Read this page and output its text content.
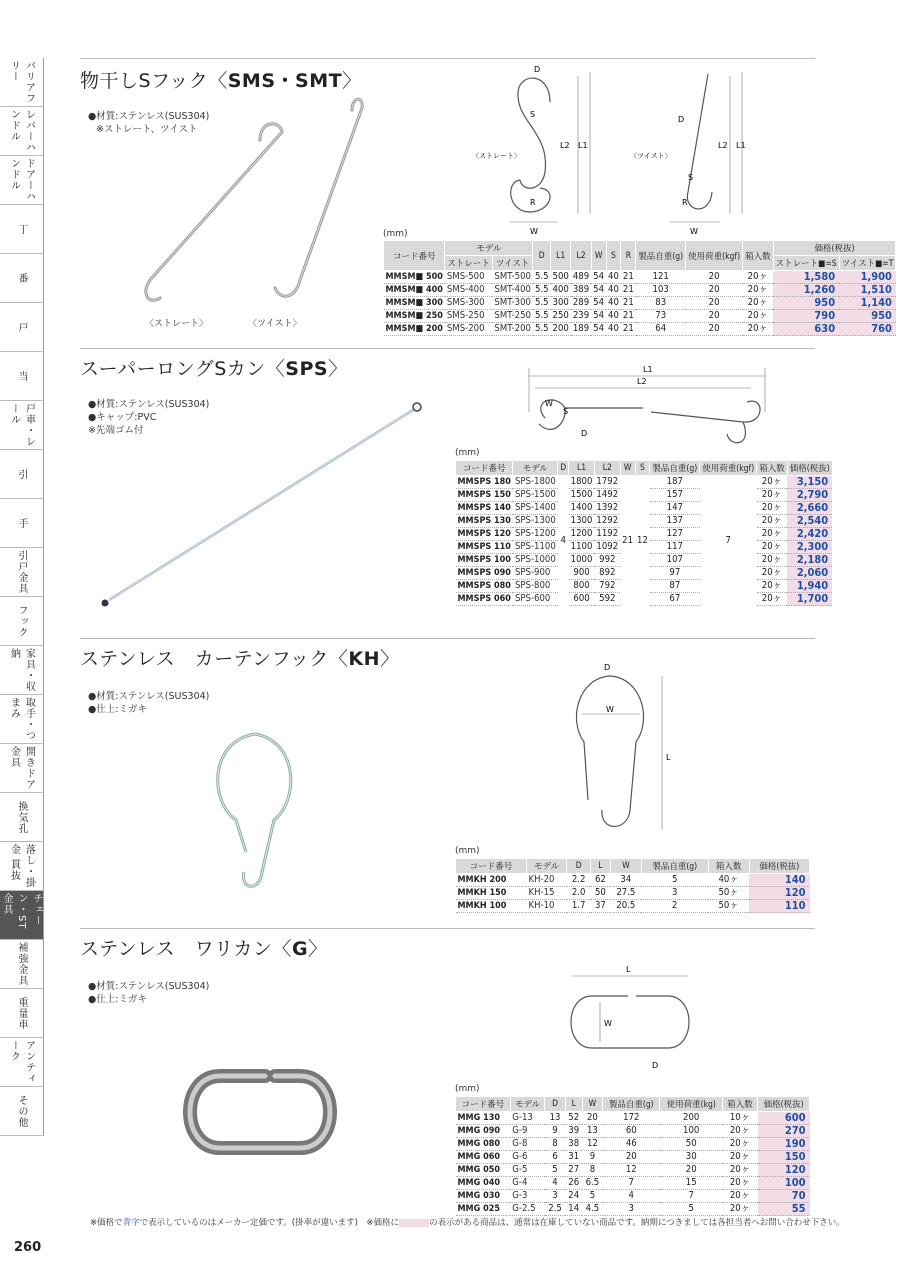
バリアフリー
レバーハンドル
ドアーハンドル
丁
番
戸
当
戸車・レール
引
手
引戸金具
フック
家具・収納
取手・つまみ
開きドア金具
換気孔
落し・掛金 貫抜
チェーン・ST金具
補強金具
重量車
アンティーク
その他
260
物干しSフック〈SMS・SMT〉
●材質:ステンレス(SUS304)
※ストレート、ツイスト
〈ストレート〉	〈ツイスト〉
D
S
R
L2 L1
W
〈ストレート〉	〈ツイスト〉
D
S
R
L2 L1
W
(mm)
コード番号	モデル		D	L1	L2	W	S	R	製品自重(g)	使用荷重(kgf)	箱入数	価格(税抜)	
	ストレート	ツイスト										ストレート■=S	ツイスト■=T
MMSM■ 500	SMS-500	SMT-500	5.5	500	489	54	40	21	121	20	20ヶ	1,580	1,900
MMSM■ 400	SMS-400	SMT-400	5.5	400	389	54	40	21	103	20	20ヶ	1,260	1,510
MMSM■ 300	SMS-300	SMT-300	5.5	300	289	54	40	21	83	20	20ヶ	950	1,140
MMSM■ 250	SMS-250	SMT-250	5.5	250	239	54	40	21	73	20	20ヶ	790	950
MMSM■ 200	SMS-200	SMT-200	5.5	200	189	54	40	21	64	20	20ヶ	630	760
スーパーロングSカン〈SPS〉
●材質:ステンレス(SUS304)
●キャップ:PVC
※先端ゴム付
L1
L2
W
S
D
(mm)
コード番号	モデル	D	L1	L2	W	S	製品自重(g)	使用荷重(kgf)	箱入数	価格(税抜)
MMSPS 180	SPS-1800	4	1800	1792	21	12	187	7	20ヶ	3,150
MMSPS 150	SPS-1500		1500	1492			157		20ヶ	2,790
MMSPS 140	SPS-1400		1400	1392			147		20ヶ	2,660
MMSPS 130	SPS-1300		1300	1292			137		20ヶ	2,540
MMSPS 120	SPS-1200		1200	1192			127		20ヶ	2,420
MMSPS 110	SPS-1100		1100	1092			117		20ヶ	2,300
MMSPS 100	SPS-1000		1000	992			107		20ヶ	2,180
MMSPS 090	SPS-900		900	892			97		20ヶ	2,060
MMSPS 080	SPS-800		800	792			87		20ヶ	1,940
MMSPS 060	SPS-600		600	592			67		20ヶ	1,700
ステンレス　カーテンフック〈KH〉
●材質:ステンレス(SUS304)
●仕上:ミガキ
D
W
L
(mm)
コード番号	モデル	D	L	W	製品自重(g)	箱入数	価格(税抜)
MMKH 200	KH-20	2.2	62	34	5	40ヶ	140
MMKH 150	KH-15	2.0	50	27.5	3	50ヶ	120
MMKH 100	KH-10	1.7	37	20.5	2	50ヶ	110
ステンレス　ワリカン〈G〉
●材質:ステンレス(SUS304)
●仕上:ミガキ
L
W
D
(mm)
コード番号	モデル	D	L	W	製品自重(g)	使用荷重(kg)	箱入数	価格(税抜)
MMG 130	G-13	13	52	20	172	200	10ヶ	600
MMG 090	G-9	9	39	13	60	100	20ヶ	270
MMG 080	G-8	8	38	12	46	50	20ヶ	190
MMG 060	G-6	6	31	9	20	30	20ヶ	150
MMG 050	G-5	5	27	8	12	20	20ヶ	120
MMG 040	G-4	4	26	6.5	7	15	20ヶ	100
MMG 030	G-3	3	24	5	4	7	20ヶ	70
MMG 025	G-2.5	2.5	14	4.5	3	5	20ヶ	55
※価格で青字で表示しているのはメーカー定価です。(掛率が違います)　※価格に	の表示がある商品は、通常は在庫していない商品です。納期につきましては各担当者へお問い合わせ下さい。
